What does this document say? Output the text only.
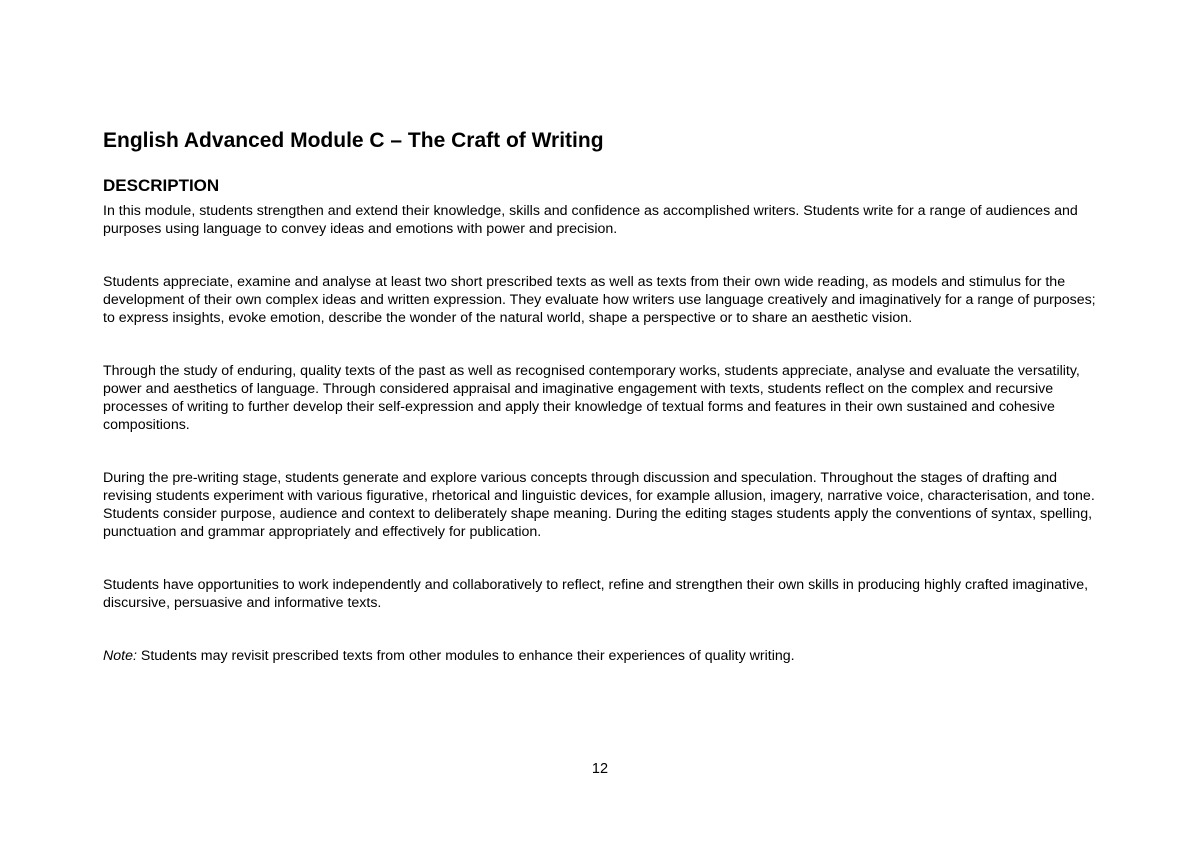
English Advanced Module C – The Craft of Writing
DESCRIPTION

In this module, students strengthen and extend their knowledge, skills and confidence as accomplished writers. Students write for a range of audiences and purposes using language to convey ideas and emotions with power and precision.

Students appreciate, examine and analyse at least two short prescribed texts as well as texts from their own wide reading, as models and stimulus for the development of their own complex ideas and written expression. They evaluate how writers use language creatively and imaginatively for a range of purposes; to express insights, evoke emotion, describe the wonder of the natural world, shape a perspective or to share an aesthetic vision.

Through the study of enduring, quality texts of the past as well as recognised contemporary works, students appreciate, analyse and evaluate the versatility, power and aesthetics of language. Through considered appraisal and imaginative engagement with texts, students reflect on the complex and recursive processes of writing to further develop their self-expression and apply their knowledge of textual forms and features in their own sustained and cohesive compositions.

During the pre-writing stage, students generate and explore various concepts through discussion and speculation. Throughout the stages of drafting and revising students experiment with various figurative, rhetorical and linguistic devices, for example allusion, imagery, narrative voice, characterisation, and tone. Students consider purpose, audience and context to deliberately shape meaning. During the editing stages students apply the conventions of syntax, spelling, punctuation and grammar appropriately and effectively for publication.

Students have opportunities to work independently and collaboratively to reflect, refine and strengthen their own skills in producing highly crafted imaginative, discursive, persuasive and informative texts.

Note: Students may revisit prescribed texts from other modules to enhance their experiences of quality writing.

12
